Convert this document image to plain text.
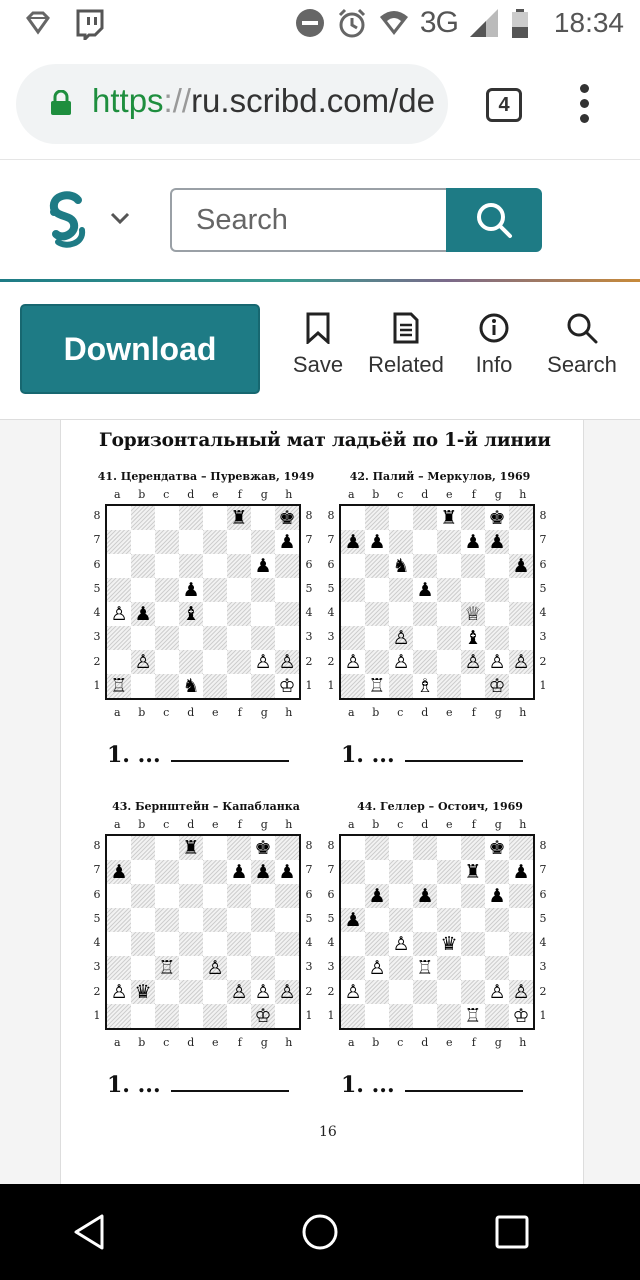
3G	18:34
https://ru.scribd.com/de	4
Search
Download	Save Related	Info	Search
Горизонтальный мат ладьёй по 1-й линии
41. Церендатва – Пуревжав, 1949
a	b	c	d	e	f	g	h
a	b	c	d	e	f	g	h
8
7
6
5
4
3
2
1
8
7
6
5
4
3
2
1
♜ ♚
♟
♟
♟
♙ ♟ ♝
♙	♙ ♙
♖	♞	♔
1. ...
42. Палий – Меркулов, 1969
a	b	c	d	e	f	g	h
a	b	c	d	e	f	g	h
8
7
6
5
4
3
2
1
8
7
6
5
4
3
2
1
♜ ♚
♟ ♟	♟ ♟
♞	♟
♟
♕
♙	♝
♙ ♙	♙ ♙ ♙
♖ ♗	♔
1. ...
43. Бернштейн – Капабланка
a	b	c	d	e	f	g	h
a	b	c	d	e	f	g	h
8
7
6
5
4
3
2
1
8
7
6
5
4
3
2
1
♜	♚
♟	♟ ♟ ♟
♖ ♙
♙ ♛	♙ ♙ ♙
♔
1. ...
44. Геллер – Остоич, 1969
a	b	c	d	e	f	g	h
a	b	c	d	e	f	g	h
8
7
6
5
4
3
2
1
8
7
6
5
4
3
2
1
♚
♜ ♟
♟ ♟	♟
♟
♙ ♛
♙ ♖
♙	♙ ♙
♖ ♔
1. ...
16
